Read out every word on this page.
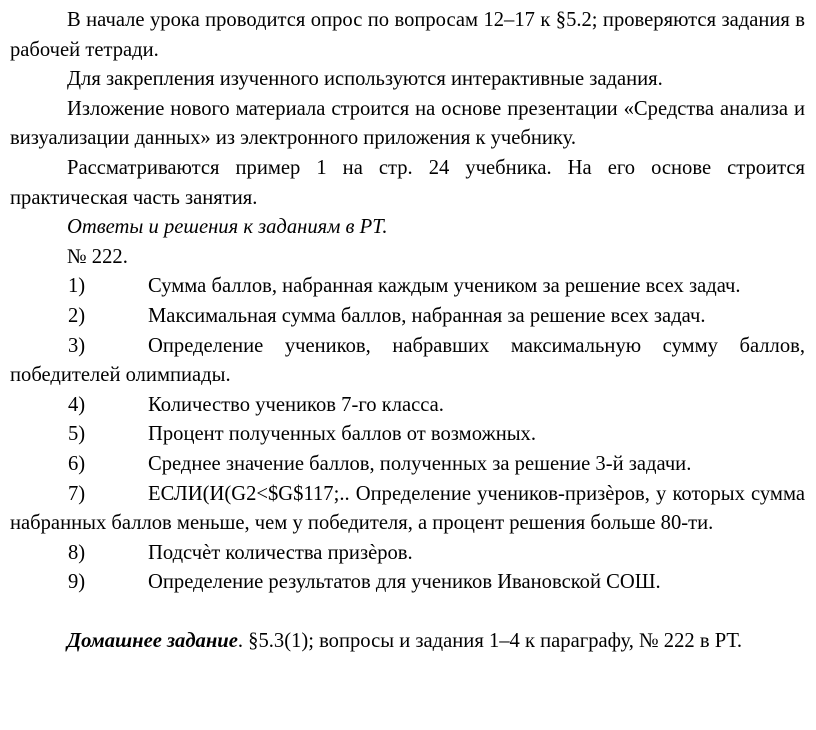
В начале урока проводится опрос по вопросам 12–17 к §5.2; проверяются задания в рабочей тетради.

Для закрепления изученного используются интерактивные задания.

Изложение нового материала строится на основе презентации «Средства анализа и визуализации данных» из электронного приложения к учебнику.

Рассматриваются пример 1 на стр. 24 учебника. На его основе строится практическая часть занятия.

Ответы и решения к заданиям в РТ.

№ 222.

1)	Сумма баллов, набранная каждым учеником за решение всех задач.

2)	Максимальная сумма баллов, набранная за решение всех задач.

3)	Определение учеников, набравших максимальную сумму баллов, победителей олимпиады.

4)	Количество учеников 7-го класса.

5)	Процент полученных баллов от возможных.

6)	Среднее значение баллов, полученных за решение 3-й задачи.

7)	ЕСЛИ(И(G2<$G$117;.. Определение учеников-призѐров, у которых сумма набранных баллов меньше, чем у победителя, а процент решения больше 80-ти.

8)	Подсчѐт количества призѐров.

9)	Определение результатов для учеников Ивановской СОШ.

Домашнее задание. §5.3(1); вопросы и задания 1–4 к параграфу, № 222 в РТ.
